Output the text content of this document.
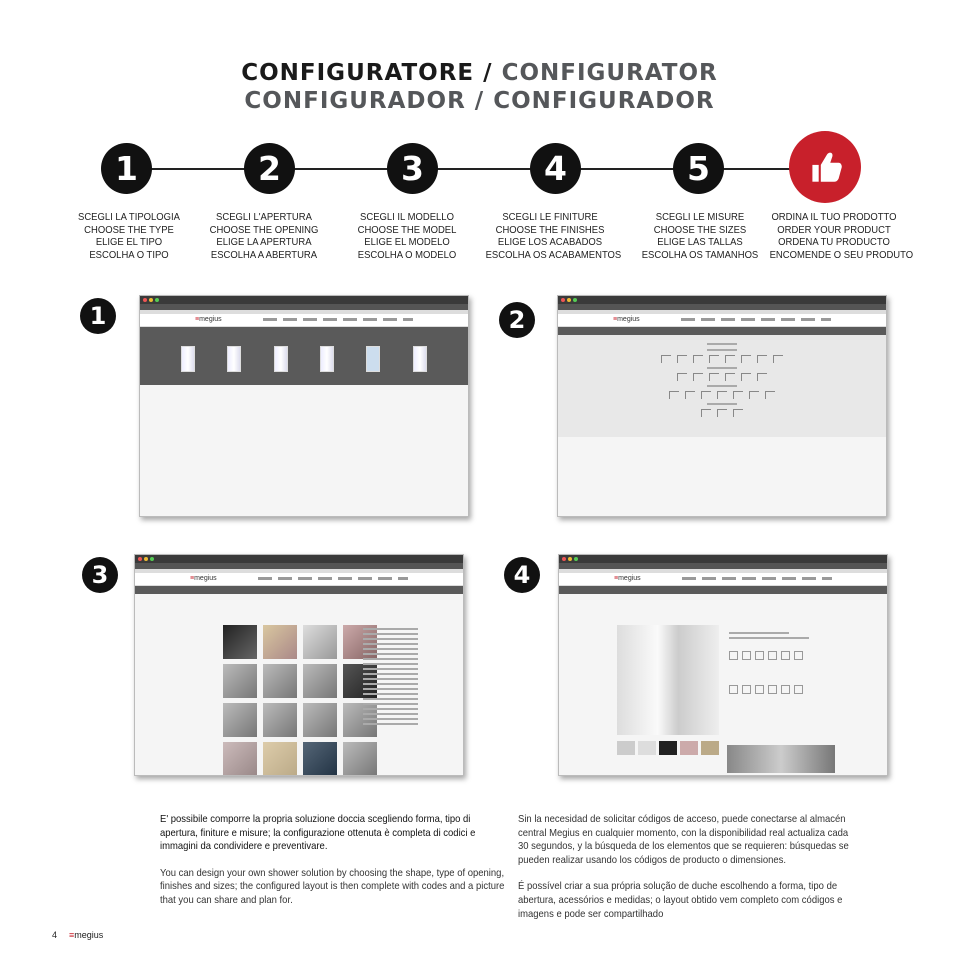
CONFIGURATORE / CONFIGURATOR
CONFIGURADOR / CONFIGURADOR
1	2	3	4	5
SCEGLI LA TIPOLOGIA
CHOOSE THE TYPE
ELIGE EL TIPO
ESCOLHA O TIPO
SCEGLI L'APERTURA
CHOOSE THE OPENING
ELIGE LA APERTURA
ESCOLHA A ABERTURA
SCEGLI IL MODELLO
CHOOSE THE MODEL
ELIGE EL MODELO
ESCOLHA O MODELO
SCEGLI LE FINITURE
CHOOSE THE FINISHES
ELIGE LOS ACABADOS
ESCOLHA OS ACABAMENTOS
SCEGLI LE MISURE
CHOOSE THE SIZES
ELIGE LAS TALLAS
ESCOLHA OS TAMANHOS
ORDINA IL TUO PRODOTTO
ORDER YOUR PRODUCT
ORDENA TU PRODUCTO
ENCOMENDE O SEU PRODUTO
1	≡megius	2	≡megius
3	≡megius	4	≡megius

E' possibile comporre la propria soluzione doccia scegliendo forma, tipo di apertura, finiture e misure; la configurazione ottenuta è completa di codici e immagini da condividere e preventivare.

You can design your own shower solution by choosing the shape, type of opening, finishes and sizes; the configured layout is then complete with codes and a picture that you can share and plan for.

Sin la necesidad de solicitar códigos de acceso, puede conectarse al almacén central Megius en cualquier momento, con la disponibilidad real actualiza cada 30 segundos, y la búsqueda de los elementos que se requieren: búsquedas se pueden realizar usando los códigos de producto o dimensiones.

É possível criar a sua própria solução de duche escolhendo a forma, tipo de abertura, acessórios e medidas; o layout obtido vem completo com códigos e imagens e pode ser compartilhado

4 ≡megius
